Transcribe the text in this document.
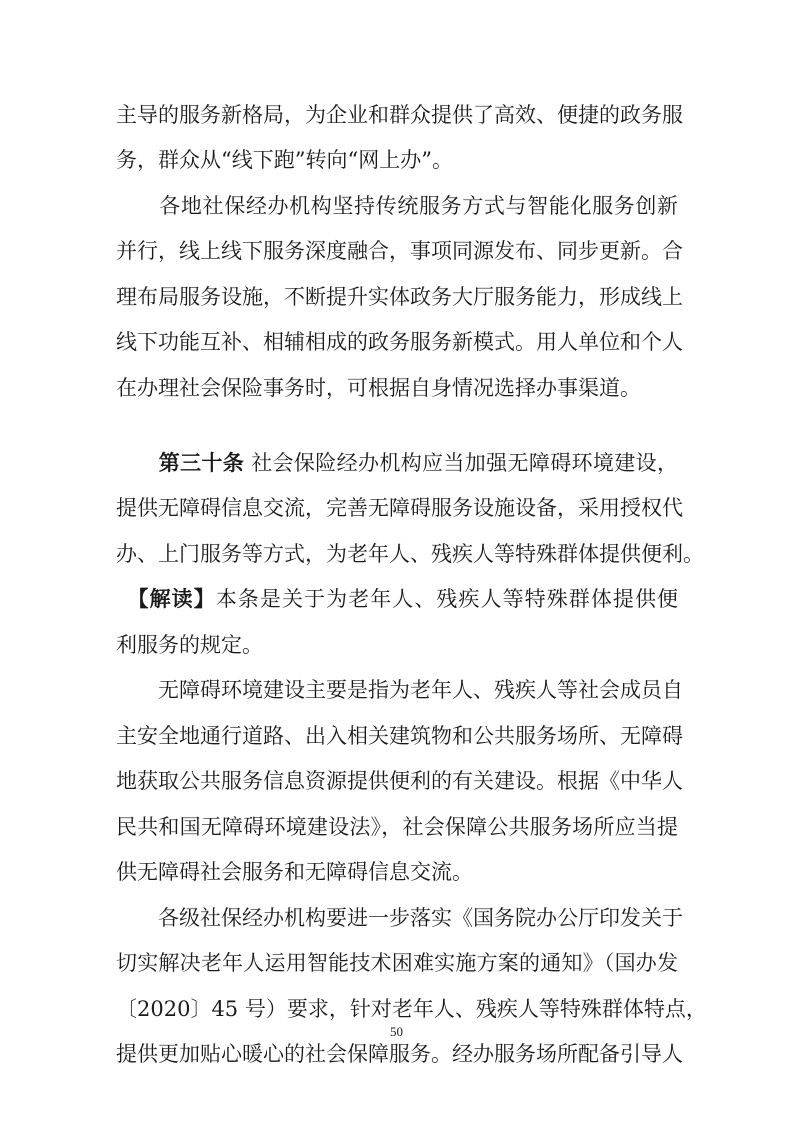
主导的服务新格局，为企业和群众提供了高效、便捷的政务服
务，群众从“线下跑”转向“网上办”。
　　各地社保经办机构坚持传统服务方式与智能化服务创新
并行，线上线下服务深度融合，事项同源发布、同步更新。合
理布局服务设施，不断提升实体政务大厅服务能力，形成线上
线下功能互补、相辅相成的政务服务新模式。用人单位和个人
在办理社会保险事务时，可根据自身情况选择办事渠道。
　　第三十条 社会保险经办机构应当加强无障碍环境建设，
提供无障碍信息交流，完善无障碍服务设施设备，采用授权代
办、上门服务等方式，为老年人、残疾人等特殊群体提供便利。
　【解读】本条是关于为老年人、残疾人等特殊群体提供便
利服务的规定。
　　无障碍环境建设主要是指为老年人、残疾人等社会成员自
主安全地通行道路、出入相关建筑物和公共服务场所、无障碍
地获取公共服务信息资源提供便利的有关建设。根据《中华人
民共和国无障碍环境建设法》，社会保障公共服务场所应当提
供无障碍社会服务和无障碍信息交流。
　　各级社保经办机构要进一步落实《国务院办公厅印发关于
切实解决老年人运用智能技术困难实施方案的通知》（国办发
〔2020〕45 号）要求，针对老年人、残疾人等特殊群体特点，
提供更加贴心暖心的社会保障服务。经办服务场所配备引导人
50
